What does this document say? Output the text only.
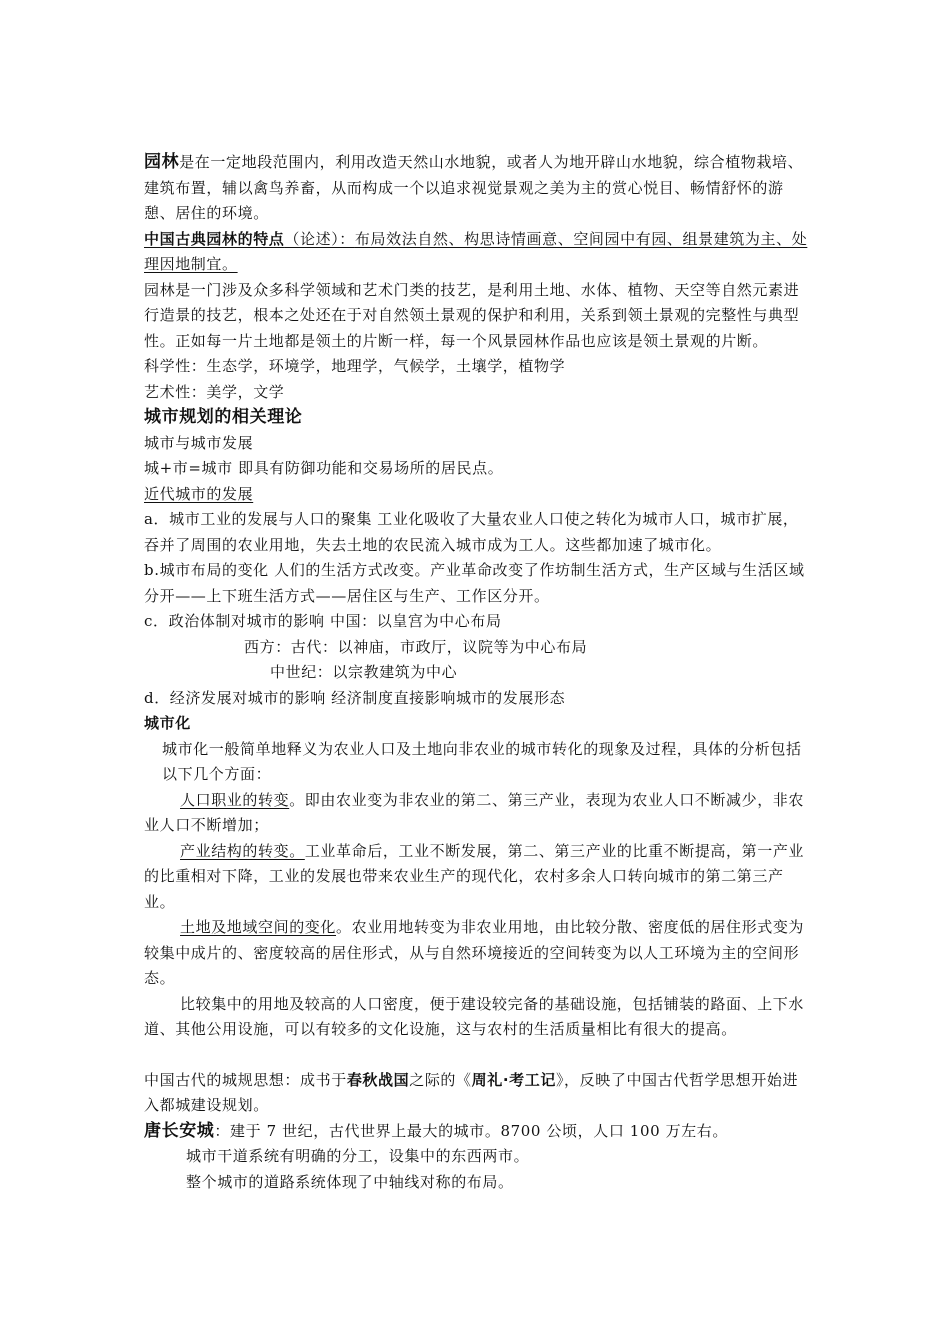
园林是在一定地段范围内，利用改造天然山水地貌，或者人为地开辟山水地貌，综合植物栽培、建筑布置，辅以禽鸟养畜，从而构成一个以追求视觉景观之美为主的赏心悦目、畅情舒怀的游憩、居住的环境。

中国古典园林的特点（论述）：布局效法自然、构思诗情画意、空间园中有园、组景建筑为主、处理因地制宜。

园林是一门涉及众多科学领域和艺术门类的技艺，是利用土地、水体、植物、天空等自然元素进行造景的技艺，根本之处还在于对自然领土景观的保护和利用，关系到领土景观的完整性与典型性。正如每一片土地都是领土的片断一样，每一个风景园林作品也应该是领土景观的片断。

科学性：生态学，环境学，地理学，气候学，土壤学，植物学

艺术性：美学，文学

城市规划的相关理论

城市与城市发展

城+市=城市 即具有防御功能和交易场所的居民点。

近代城市的发展

a．城市工业的发展与人口的聚集 工业化吸收了大量农业人口使之转化为城市人口，城市扩展，吞并了周围的农业用地，失去土地的农民流入城市成为工人。这些都加速了城市化。

b.城市布局的变化 人们的生活方式改变。产业革命改变了作坊制生活方式，生产区域与生活区域分开——上下班生活方式——居住区与生产、工作区分开。

c．政治体制对城市的影响 中国：以皇宫为中心布局

西方：古代：以神庙，市政厅，议院等为中心布局

中世纪：以宗教建筑为中心

d．经济发展对城市的影响 经济制度直接影响城市的发展形态

城市化

城市化一般简单地释义为农业人口及土地向非农业的城市转化的现象及过程，具体的分析包括以下几个方面：

人口职业的转变。即由农业变为非农业的第二、第三产业，表现为农业人口不断减少，非农业人口不断增加；

产业结构的转变。工业革命后，工业不断发展，第二、第三产业的比重不断提高，第一产业的比重相对下降，工业的发展也带来农业生产的现代化，农村多余人口转向城市的第二第三产业。

土地及地域空间的变化。农业用地转变为非农业用地，由比较分散、密度低的居住形式变为较集中成片的、密度较高的居住形式，从与自然环境接近的空间转变为以人工环境为主的空间形态。

比较集中的用地及较高的人口密度，便于建设较完备的基础设施，包括铺装的路面、上下水道、其他公用设施，可以有较多的文化设施，这与农村的生活质量相比有很大的提高。

中国古代的城规思想：成书于春秋战国之际的《周礼·考工记》，反映了中国古代哲学思想开始进入都城建设规划。

唐长安城：建于 7 世纪，古代世界上最大的城市。8700 公顷，人口 100 万左右。

城市干道系统有明确的分工，设集中的东西两市。

整个城市的道路系统体现了中轴线对称的布局。
